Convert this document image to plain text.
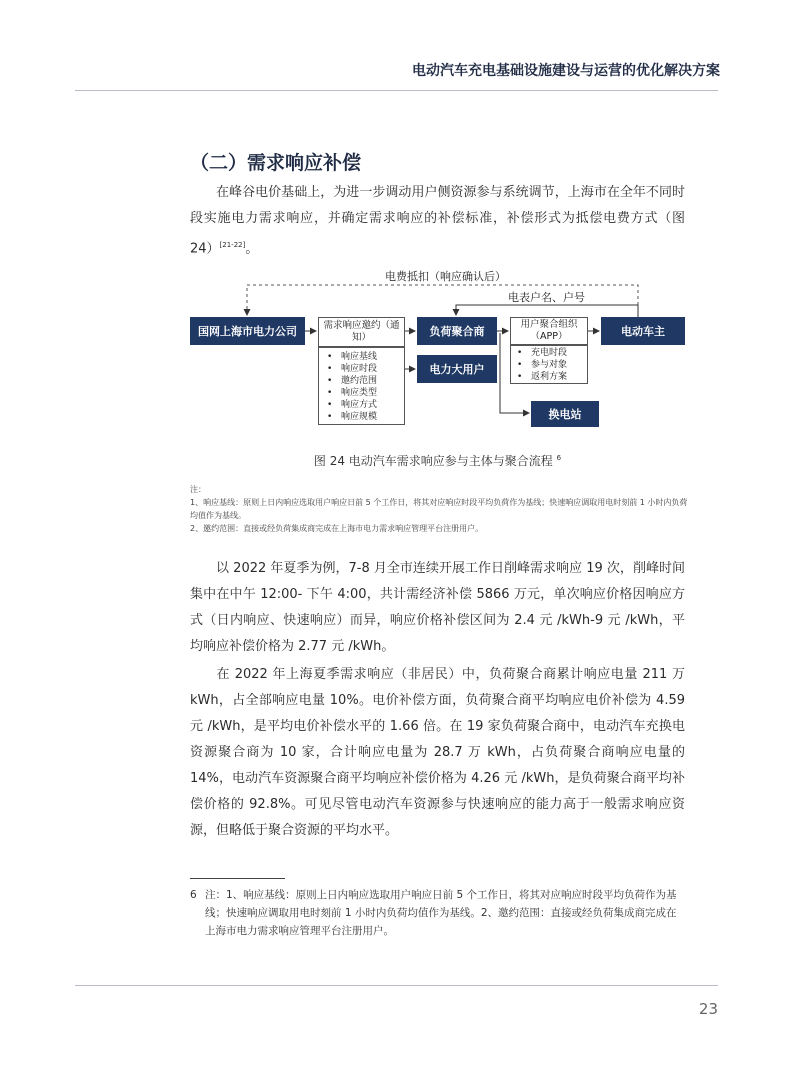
电动汽车充电基础设施建设与运营的优化解决方案
（二）需求响应补偿
在峰谷电价基础上，为进一步调动用户侧资源参与系统调节，上海市在全年不同时段实施电力需求响应，并确定需求响应的补偿标准，补偿形式为抵偿电费方式（图 24）[21-22]。
电费抵扣（响应确认后）
电表户名、户号
国网上海市电力公司	需求响应邀约（通知）
• 响应基线
• 响应时段
• 邀约范围
• 响应类型
• 响应方式
• 响应规模
负荷聚合商
电力大用户
用户聚合组织（APP）
• 充电时段
• 参与对象
• 返利方案
电动车主
换电站
图 24 电动汽车需求响应参与主体与聚合流程 $^6$
注：
1、响应基线：原则上日内响应选取用户响应日前 5 个工作日，将其对应响应时段平均负荷作为基线；快速响应调取用电时刻前 1 小时内负荷均值作为基线。
2、邀约范围：直接或经负荷集成商完成在上海市电力需求响应管理平台注册用户。
以 2022 年夏季为例，7-8 月全市连续开展工作日削峰需求响应 19 次，削峰时间集中在中午 12:00- 下午 4:00，共计需经济补偿 5866 万元，单次响应价格因响应方式（日内响应、快速响应）而异，响应价格补偿区间为 2.4 元 /kWh-9 元 /kWh，平均响应补偿价格为 2.77 元 /kWh。
在 2022 年上海夏季需求响应（非居民）中，负荷聚合商累计响应电量 211 万 kWh，占全部响应电量 10%。电价补偿方面，负荷聚合商平均响应电价补偿为 4.59 元 /kWh，是平均电价补偿水平的 1.66 倍。在 19 家负荷聚合商中，电动汽车充换电资源聚合商为 10 家，合计响应电量为 28.7 万 kWh，占负荷聚合商响应电量的 14%，电动汽车资源聚合商平均响应补偿价格为 4.26 元 /kWh，是负荷聚合商平均补偿价格的 92.8%。可见尽管电动汽车资源参与快速响应的能力高于一般需求响应资源，但略低于聚合资源的平均水平。
6 注：1、响应基线：原则上日内响应选取用户响应日前 5 个工作日，将其对应响应时段平均负荷作为基线；快速响应调取用电时刻前 1 小时内负荷均值作为基线。2、邀约范围：直接或经负荷集成商完成在上海市电力需求响应管理平台注册用户。
23
